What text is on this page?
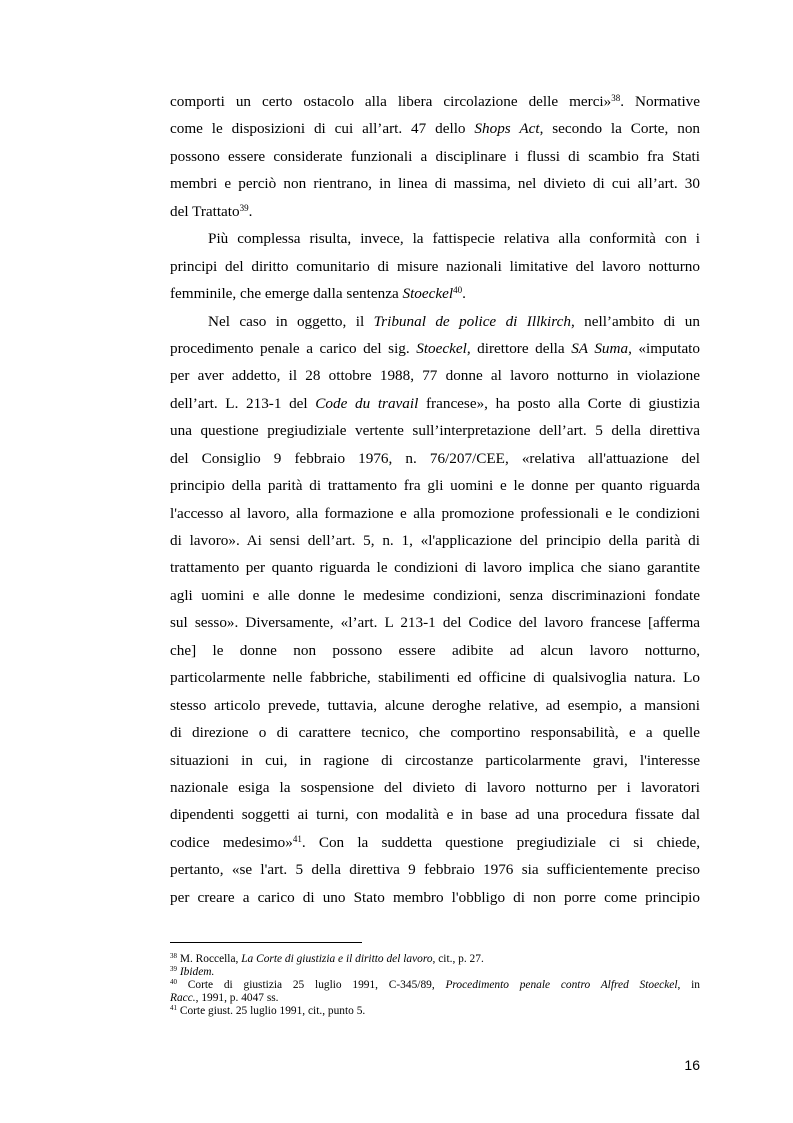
comporti un certo ostacolo alla libera circolazione delle merci»$^{38}$. Normative
come le disposizioni di cui all’art. 47 dello Shops Act, secondo la Corte, non
possono essere considerate funzionali a disciplinare i flussi di scambio fra Stati
membri e perciò non rientrano, in linea di massima, nel divieto di cui all’art. 30
del Trattato$^{39}$.
Più complessa risulta, invece, la fattispecie relativa alla conformità con i
principi del diritto comunitario di misure nazionali limitative del lavoro notturno
femminile, che emerge dalla sentenza Stoeckel$^{40}$.
Nel caso in oggetto, il Tribunal de police di Illkirch, nell’ambito di un
procedimento penale a carico del sig. Stoeckel, direttore della SA Suma, «imputato
per aver addetto, il 28 ottobre 1988, 77 donne al lavoro notturno in violazione
dell’art. L. 213-1 del Code du travail francese», ha posto alla Corte di giustizia
una questione pregiudiziale vertente sull’interpretazione dell’art. 5 della direttiva
del Consiglio 9 febbraio 1976, n. 76/207/CEE, «relativa all'attuazione del
principio della parità di trattamento fra gli uomini e le donne per quanto riguarda
l'accesso al lavoro, alla formazione e alla promozione professionali e le condizioni
di lavoro». Ai sensi dell’art. 5, n. 1, «l'applicazione del principio della parità di
trattamento per quanto riguarda le condizioni di lavoro implica che siano garantite
agli uomini e alle donne le medesime condizioni, senza discriminazioni fondate
sul sesso». Diversamente, «l’art. L 213-1 del Codice del lavoro francese [afferma
che] le donne non possono essere adibite ad alcun lavoro notturno,
particolarmente nelle fabbriche, stabilimenti ed officine di qualsivoglia natura. Lo
stesso articolo prevede, tuttavia, alcune deroghe relative, ad esempio, a mansioni
di direzione o di carattere tecnico, che comportino responsabilità, e a quelle
situazioni in cui, in ragione di circostanze particolarmente gravi, l'interesse
nazionale esiga la sospensione del divieto di lavoro notturno per i lavoratori
dipendenti soggetti ai turni, con modalità e in base ad una procedura fissate dal
codice medesimo»$^{41}$. Con la suddetta questione pregiudiziale ci si chiede,
pertanto, «se l'art. 5 della direttiva 9 febbraio 1976 sia sufficientemente preciso
per creare a carico di uno Stato membro l'obbligo di non porre come principio
$^{38}$ M. Roccella, La Corte di giustizia e il diritto del lavoro, cit., p. 27.
$^{39}$ Ibidem.
$^{40}$ Corte di giustizia 25 luglio 1991, C-345/89, Procedimento penale contro Alfred Stoeckel, in
Racc., 1991, p. 4047 ss.
$^{41}$ Corte giust. 25 luglio 1991, cit., punto 5.
16
